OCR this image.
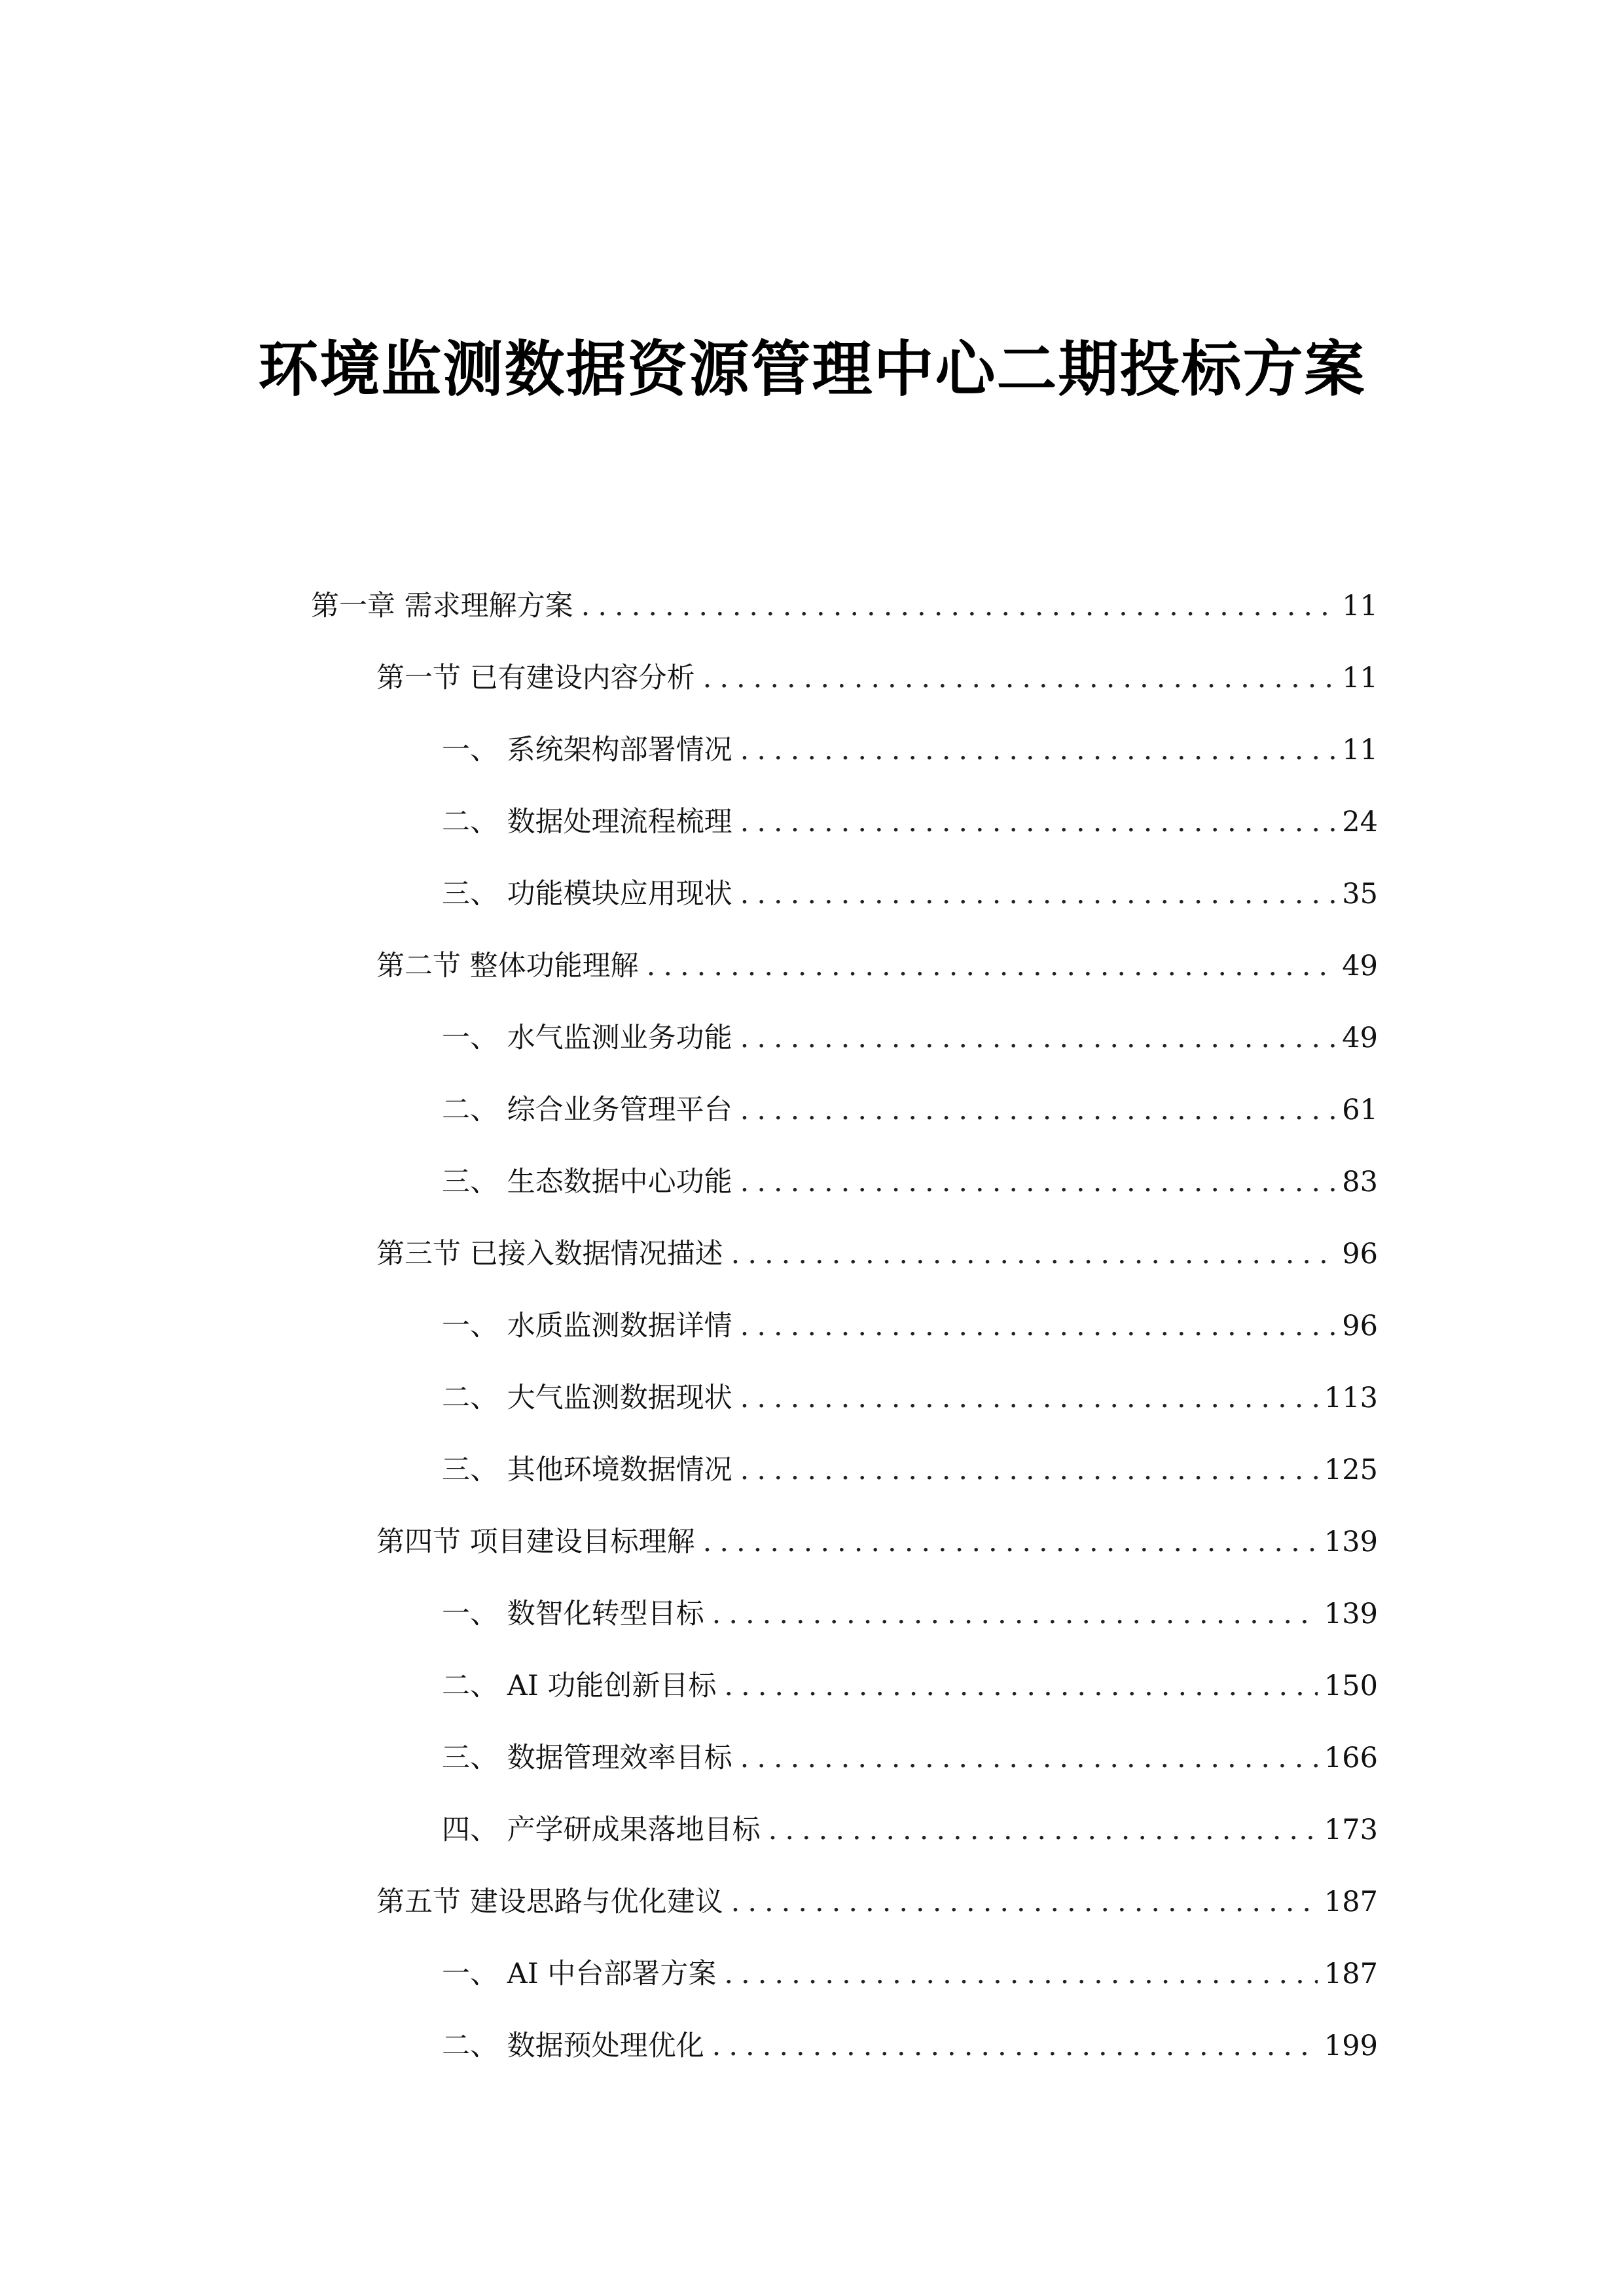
环境监测数据资源管理中心二期投标方案
第一章 需求理解方案 .....	11
第一节 已有建设内容分析 .....	11
一、 系统架构部署情况 .....	11
二、 数据处理流程梳理 .....	24
三、 功能模块应用现状 .....	35
第二节 整体功能理解 .....	49
一、 水气监测业务功能 .....	49
二、 综合业务管理平台 .....	61
三、 生态数据中心功能 .....	83
第三节 已接入数据情况描述 .....	96
一、 水质监测数据详情 .....	96
二、 大气监测数据现状 .....	113
三、 其他环境数据情况 .....	125
第四节 项目建设目标理解 .....	139
一、 数智化转型目标 .....	139
二、 AI 功能创新目标 .....	150
三、 数据管理效率目标 .....	166
四、 产学研成果落地目标 .....	173
第五节 建设思路与优化建议 .....	187
一、 AI 中台部署方案 .....	187
二、 数据预处理优化 .....	199
